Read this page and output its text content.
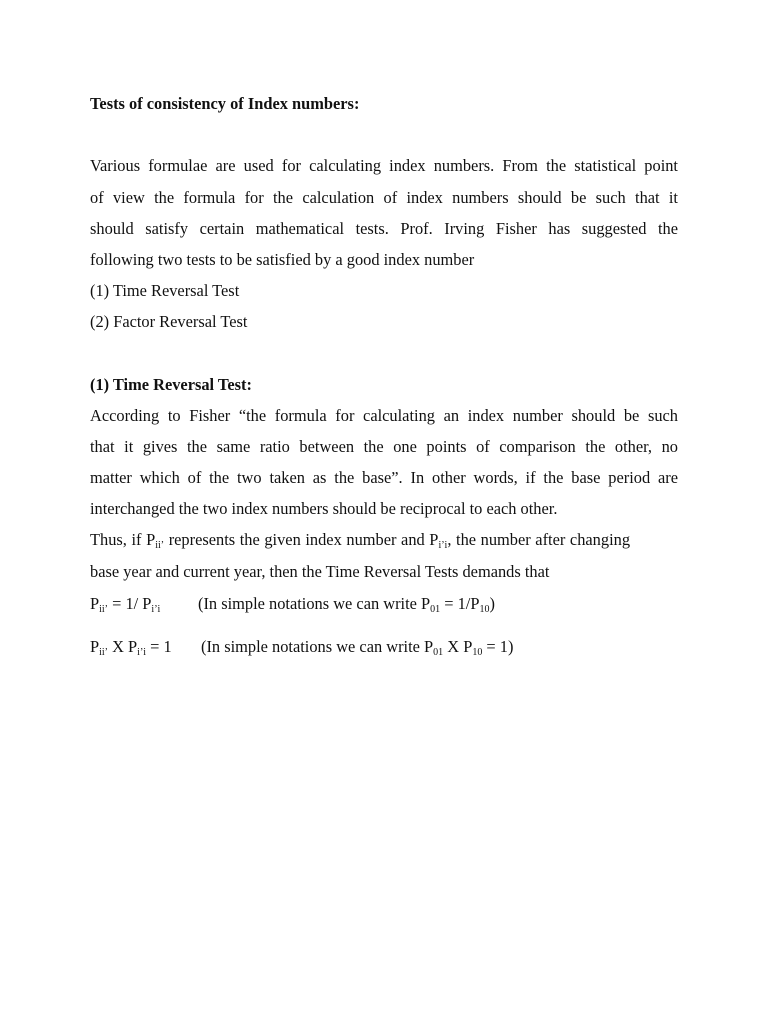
Tests of consistency of Index numbers:
Various formulae are used for calculating index numbers. From the statistical point
of view the formula for the calculation of index numbers should be such that it
should satisfy certain mathematical tests. Prof. Irving Fisher has suggested the
following two tests to be satisfied by a good index number
(1) Time Reversal Test
(2) Factor Reversal Test
(1) Time Reversal Test:
According to Fisher “the formula for calculating an index number should be such
that it gives the same ratio between the one points of comparison the other, no
matter which of the two taken as the base”. In other words, if the base period are
interchanged the two index numbers should be reciprocal to each other.
Thus, if $P_{ii’}$ represents the given index number and $P_{i’i}$, the number after changing
base year and current year, then the Time Reversal Tests demands that
$P_{ii’} = 1/$ $P_{i’i}$ (In simple notations we can write $P_{01} = 1/P_{10}$)
$P_{ii’}$ X $P_{i’i} = 1$ (In simple notations we can write $P_{01}$ X $P_{10} = 1$)
